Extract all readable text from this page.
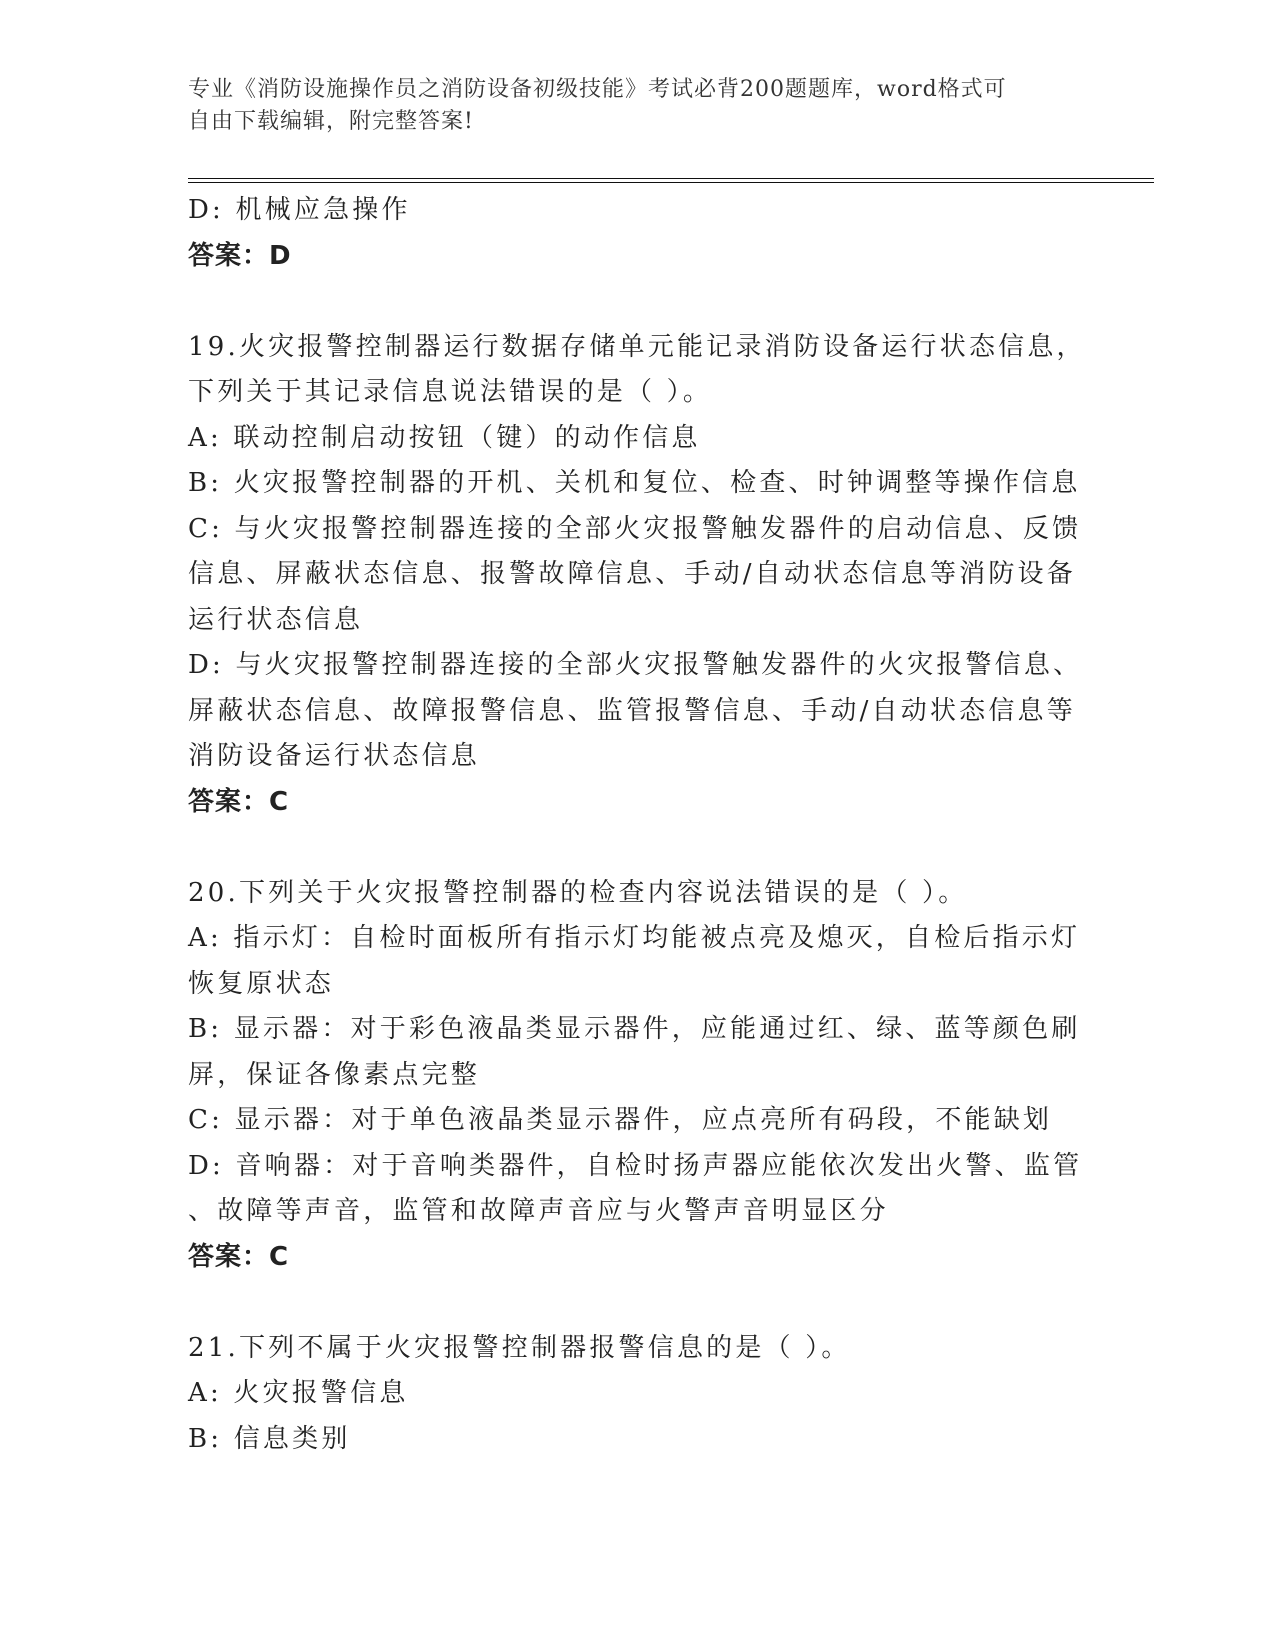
专业《消防设施操作员之消防设备初级技能》考试必背200题题库，word格式可

自由下载编辑，附完整答案!

D: 机械应急操作
答案：D
19.火灾报警控制器运行数据存储单元能记录消防设备运行状态信息，
下列关于其记录信息说法错误的是（ ）。
A: 联动控制启动按钮（键）的动作信息
B: 火灾报警控制器的开机、关机和复位、检查、时钟调整等操作信息
C: 与火灾报警控制器连接的全部火灾报警触发器件的启动信息、反馈
信息、屏蔽状态信息、报警故障信息、手动/自动状态信息等消防设备
运行状态信息
D: 与火灾报警控制器连接的全部火灾报警触发器件的火灾报警信息、
屏蔽状态信息、故障报警信息、监管报警信息、手动/自动状态信息等
消防设备运行状态信息
答案：C
20.下列关于火灾报警控制器的检查内容说法错误的是（ ）。
A: 指示灯：自检时面板所有指示灯均能被点亮及熄灭，自检后指示灯
恢复原状态
B: 显示器：对于彩色液晶类显示器件，应能通过红、绿、蓝等颜色刷
屏，保证各像素点完整
C: 显示器：对于单色液晶类显示器件，应点亮所有码段，不能缺划
D: 音响器：对于音响类器件，自检时扬声器应能依次发出火警、监管
、故障等声音，监管和故障声音应与火警声音明显区分
答案：C
21.下列不属于火灾报警控制器报警信息的是（ ）。
A: 火灾报警信息
B: 信息类别
